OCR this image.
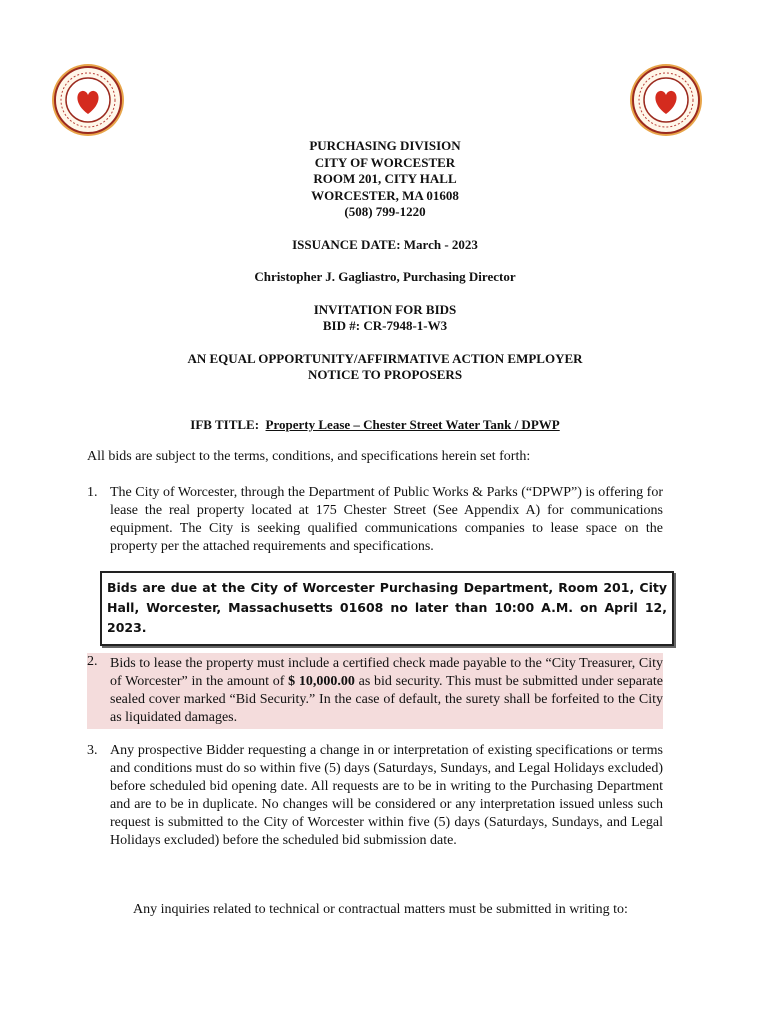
PURCHASING DIVISION
CITY OF WORCESTER
ROOM 201, CITY HALL
WORCESTER, MA 01608
(508) 799-1220
ISSUANCE DATE: March - 2023
Christopher J. Gagliastro, Purchasing Director
INVITATION FOR BIDS
BID #: CR-7948-1-W3
AN EQUAL OPPORTUNITY/AFFIRMATIVE ACTION EMPLOYER
NOTICE TO PROPOSERS
IFB TITLE: Property Lease – Chester Street Water Tank / DPWP
All bids are subject to the terms, conditions, and specifications herein set forth:
1. The City of Worcester, through the Department of Public Works & Parks (“DPWP”) is offering for lease the real property located at 175 Chester Street (See Appendix A) for communications equipment. The City is seeking qualified communications companies to lease space on the property per the attached requirements and specifications.
Bids are due at the City of Worcester Purchasing Department, Room 201, City Hall, Worcester, Massachusetts 01608 no later than 10:00 A.M. on April 12, 2023.
2. Bids to lease the property must include a certified check made payable to the “City Treasurer, City of Worcester” in the amount of $ 10,000.00 as bid security. This must be submitted under separate sealed cover marked “Bid Security.” In the case of default, the surety shall be forfeited to the City as liquidated damages.
3. Any prospective Bidder requesting a change in or interpretation of existing specifications or terms and conditions must do so within five (5) days (Saturdays, Sundays, and Legal Holidays excluded) before scheduled bid opening date. All requests are to be in writing to the Purchasing Department and are to be in duplicate. No changes will be considered or any interpretation issued unless such request is submitted to the City of Worcester within five (5) days (Saturdays, Sundays, and Legal Holidays excluded) before the scheduled bid submission date.
Any inquiries related to technical or contractual matters must be submitted in writing to:
